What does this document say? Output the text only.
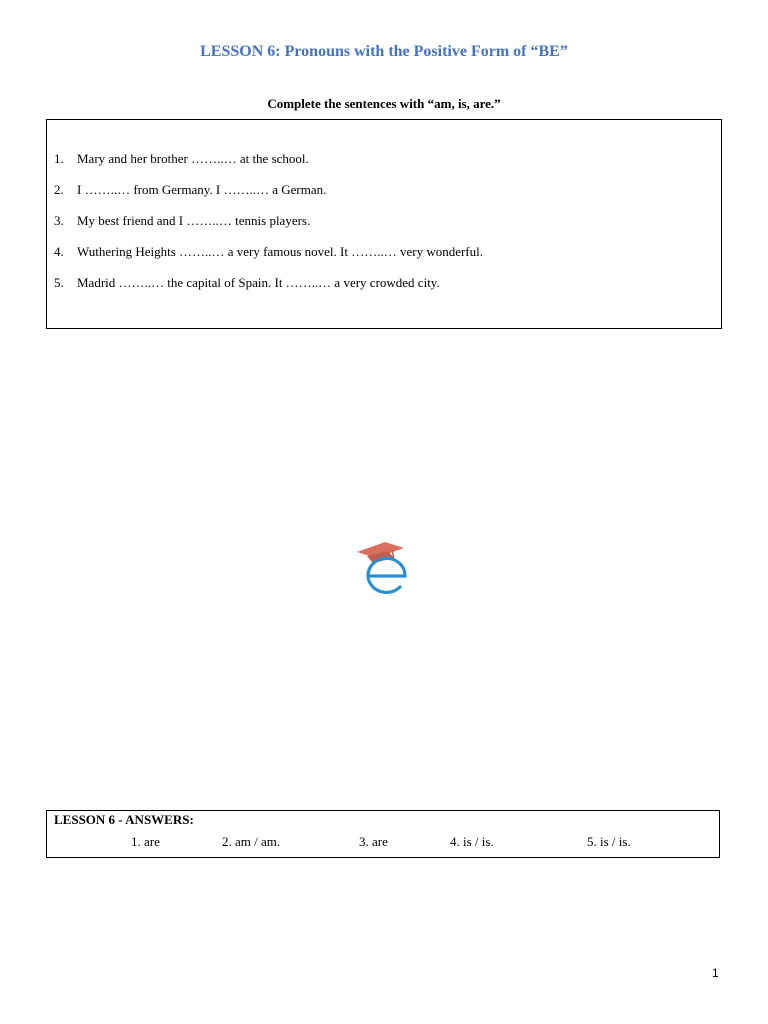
LESSON 6: Pronouns with the Positive Form of “BE”
Complete the sentences with “am, is, are.”
1.	Mary and her brother ……..… at the school.
2.	I ……..… from Germany. I ……..… a German.
3.	My best friend and I ……..… tennis players.
4.	Wuthering Heights ……..… a very famous novel. It ……..… very wonderful.
5.	Madrid ……..… the capital of Spain. It ……..… a very crowded city.
LESSON 6 - ANSWERS:
1. are	2. am / am.	3. are	4. is / is.	5. is / is.
1
